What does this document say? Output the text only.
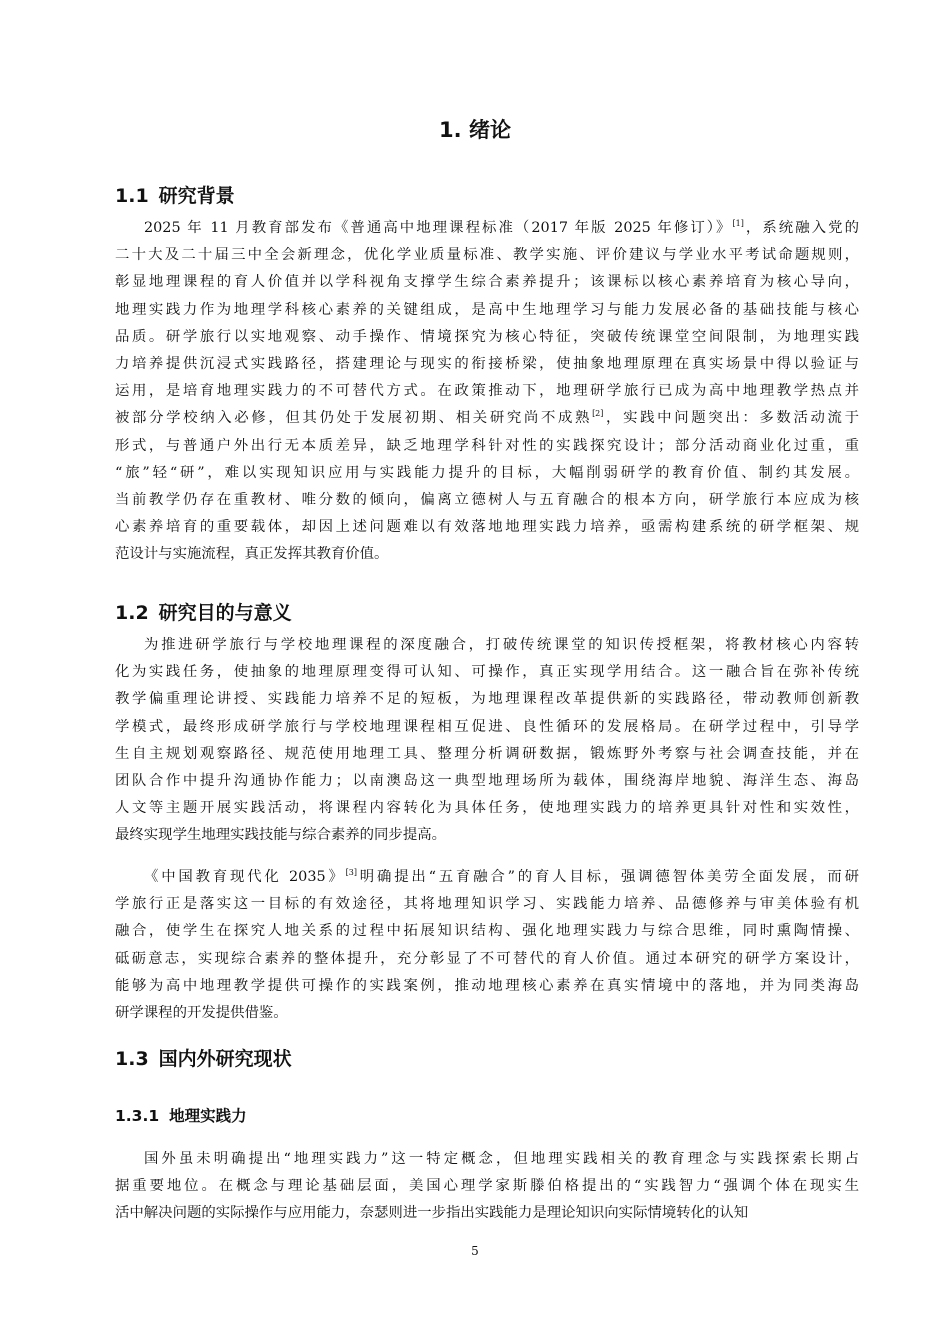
1. 绪论
1.1 研究背景
2025 年 11 月教育部发布《普通高中地理课程标准（2017 年版 2025 年修订）》[1]，系统融入党的
二十大及二十届三中全会新理念，优化学业质量标准、教学实施、评价建议与学业水平考试命题规则，
彰显地理课程的育人价值并以学科视角支撑学生综合素养提升；该课标以核心素养培育为核心导向，
地理实践力作为地理学科核心素养的关键组成，是高中生地理学习与能力发展必备的基础技能与核心
品质。研学旅行以实地观察、动手操作、情境探究为核心特征，突破传统课堂空间限制，为地理实践
力培养提供沉浸式实践路径，搭建理论与现实的衔接桥梁，使抽象地理原理在真实场景中得以验证与
运用，是培育地理实践力的不可替代方式。在政策推动下，地理研学旅行已成为高中地理教学热点并
被部分学校纳入必修，但其仍处于发展初期、相关研究尚不成熟[2]，实践中问题突出：多数活动流于
形式，与普通户外出行无本质差异，缺乏地理学科针对性的实践探究设计；部分活动商业化过重，重
“旅”轻“研”，难以实现知识应用与实践能力提升的目标，大幅削弱研学的教育价值、制约其发展。
当前教学仍存在重教材、唯分数的倾向，偏离立德树人与五育融合的根本方向，研学旅行本应成为核
心素养培育的重要载体，却因上述问题难以有效落地地理实践力培养，亟需构建系统的研学框架、规
范设计与实施流程，真正发挥其教育价值。
1.2 研究目的与意义
为推进研学旅行与学校地理课程的深度融合，打破传统课堂的知识传授框架，将教材核心内容转
化为实践任务，使抽象的地理原理变得可认知、可操作，真正实现学用结合。这一融合旨在弥补传统
教学偏重理论讲授、实践能力培养不足的短板，为地理课程改革提供新的实践路径，带动教师创新教
学模式，最终形成研学旅行与学校地理课程相互促进、良性循环的发展格局。在研学过程中，引导学
生自主规划观察路径、规范使用地理工具、整理分析调研数据，锻炼野外考察与社会调查技能，并在
团队合作中提升沟通协作能力；以南澳岛这一典型地理场所为载体，围绕海岸地貌、海洋生态、海岛
人文等主题开展实践活动，将课程内容转化为具体任务，使地理实践力的培养更具针对性和实效性，
最终实现学生地理实践技能与综合素养的同步提高。
《中国教育现代化 2035》[3]明确提出“五育融合”的育人目标，强调德智体美劳全面发展，而研
学旅行正是落实这一目标的有效途径，其将地理知识学习、实践能力培养、品德修养与审美体验有机
融合，使学生在探究人地关系的过程中拓展知识结构、强化地理实践力与综合思维，同时熏陶情操、
砥砺意志，实现综合素养的整体提升，充分彰显了不可替代的育人价值。通过本研究的研学方案设计，
能够为高中地理教学提供可操作的实践案例，推动地理核心素养在真实情境中的落地，并为同类海岛
研学课程的开发提供借鉴。
1.3 国内外研究现状
1.3.1 地理实践力
国外虽未明确提出“地理实践力”这一特定概念，但地理实践相关的教育理念与实践探索长期占
据重要地位。在概念与理论基础层面，美国心理学家斯滕伯格提出的“实践智力“强调个体在现实生
活中解决问题的实际操作与应用能力，奈瑟则进一步指出实践能力是理论知识向实际情境转化的认知
5
